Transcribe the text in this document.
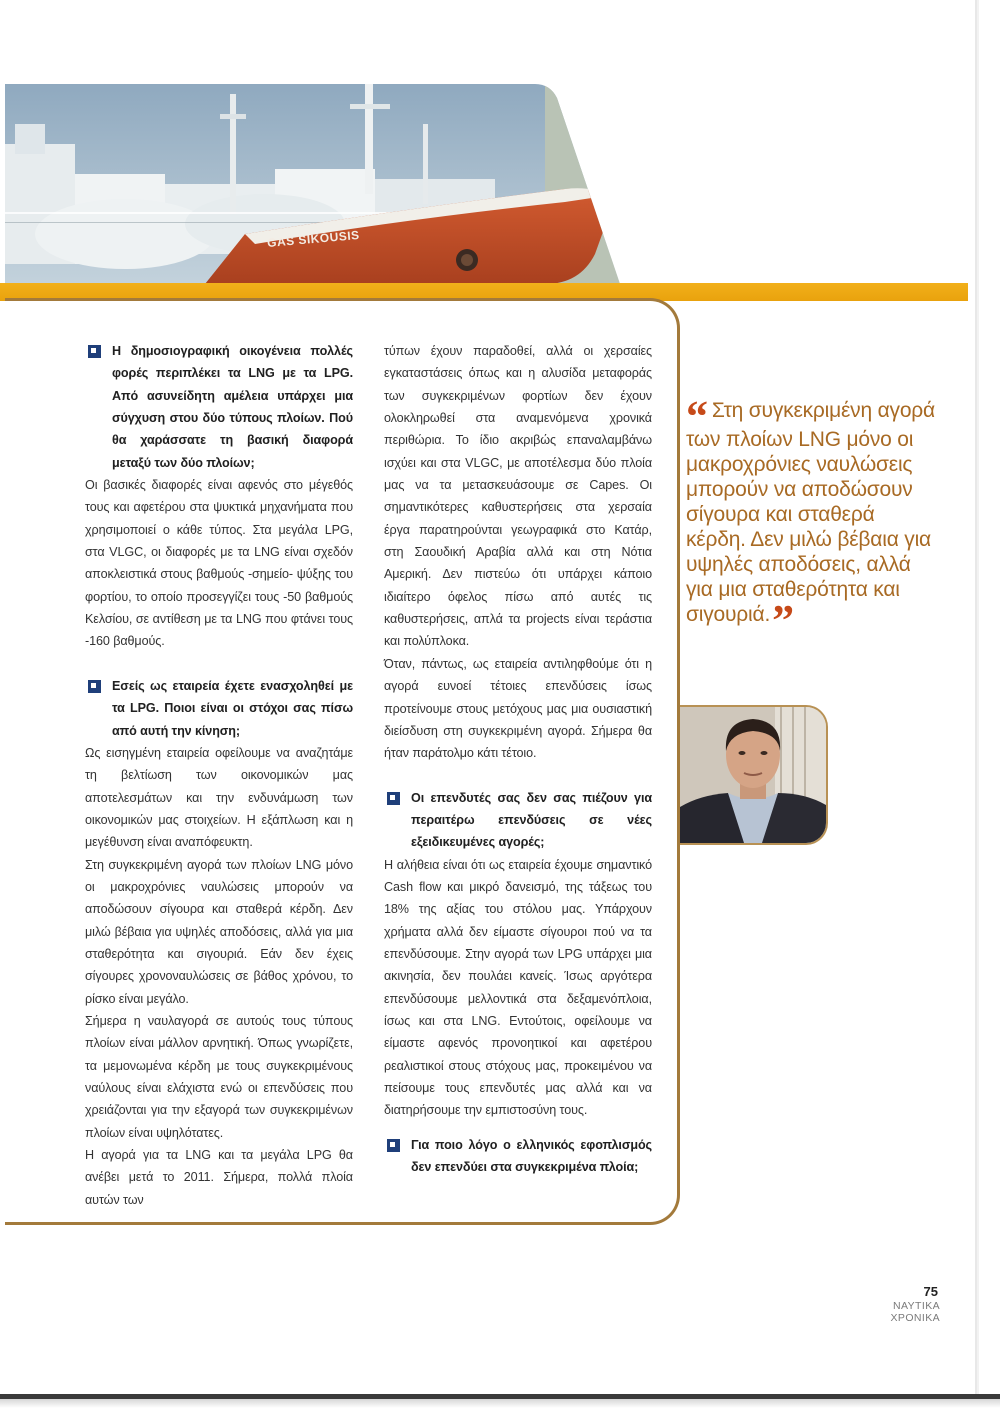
GAS SIKOUSIS

Η δημοσιογραφική οικογένεια πολλές φορές περιπλέκει τα LNG με τα LPG. Από ασυνείδητη αμέλεια υπάρχει μια σύγχυση στου δύο τύπους πλοίων. Πού θα χαράσσατε τη βασική διαφορά μεταξύ των δύο πλοίων;

Οι βασικές διαφορές είναι αφενός στο μέγεθός τους και αφετέρου στα ψυκτικά μηχανήματα που χρησιμοποιεί ο κάθε τύπος. Στα μεγάλα LPG, στα VLGC, οι διαφορές με τα LNG είναι σχεδόν αποκλειστικά στους βαθμούς -σημείο- ψύξης του φορτίου, το οποίο προσεγγίζει τους -50 βαθμούς Κελσίου, σε αντίθεση με τα LNG που φτάνει τους -160 βαθμούς.

Εσείς ως εταιρεία έχετε ενασχοληθεί με τα LPG. Ποιοι είναι οι στόχοι σας πίσω από αυτή την κίνηση;

Ως εισηγμένη εταιρεία οφείλουμε να αναζητάμε τη βελτίωση των οικονομικών μας αποτελεσμάτων και την ενδυνάμωση των οικονομικών μας στοιχείων. Η εξάπλωση και η μεγέθυνση είναι αναπόφευκτη.

Στη συγκεκριμένη αγορά των πλοίων LNG μόνο οι μακροχρόνιες ναυλώσεις μπορούν να αποδώσουν σίγουρα και σταθερά κέρδη. Δεν μιλώ βέβαια για υψηλές αποδόσεις, αλλά για μια σταθερότητα και σιγουριά. Εάν δεν έχεις σίγουρες χρονοναυλώσεις σε βάθος χρόνου, το ρίσκο είναι μεγάλο.

Σήμερα η ναυλαγορά σε αυτούς τους τύπους πλοίων είναι μάλλον αρνητική. Όπως γνωρίζετε, τα μεμονωμένα κέρδη με τους συγκεκριμένους ναύλους είναι ελάχιστα ενώ οι επενδύσεις που χρειάζονται για την εξαγορά των συγκεκριμένων πλοίων είναι υψηλότατες.

Η αγορά για τα LNG και τα μεγάλα LPG θα ανέβει μετά το 2011. Σήμερα, πολλά πλοία αυτών των

τύπων έχουν παραδοθεί, αλλά οι χερσαίες εγκαταστάσεις όπως και η αλυσίδα μεταφοράς των συγκεκριμένων φορτίων δεν έχουν ολοκληρωθεί στα αναμενόμενα χρονικά περιθώρια. Το ίδιο ακριβώς επαναλαμβάνω ισχύει και στα VLGC, με αποτέλεσμα δύο πλοία μας να τα μετασκευάσουμε σε Capes. Οι σημαντικότερες καθυστερήσεις στα χερσαία έργα παρατηρούνται γεωγραφικά στο Κατάρ, στη Σαουδική Αραβία αλλά και στη Νότια Αμερική. Δεν πιστεύω ότι υπάρχει κάποιο ιδιαίτερο όφελος πίσω από αυτές τις καθυστερήσεις, απλά τα projects είναι τεράστια και πολύπλοκα.

Όταν, πάντως, ως εταιρεία αντιληφθούμε ότι η αγορά ευνοεί τέτοιες επενδύσεις ίσως προτείνουμε στους μετόχους μας μια ουσιαστική διείσδυση στη συγκεκριμένη αγορά. Σήμερα θα ήταν παράτολμο κάτι τέτοιο.

Οι επενδυτές σας δεν σας πιέζουν για περαιτέρω επενδύσεις σε νέες εξειδικευμένες αγορές;

Η αλήθεια είναι ότι ως εταιρεία έχουμε σημαντικό Cash flow και μικρό δανεισμό, της τάξεως του 18% της αξίας του στόλου μας. Υπάρχουν χρήματα αλλά δεν είμαστε σίγουροι πού να τα επενδύσουμε. Στην αγορά των LPG υπάρχει μια ακινησία, δεν πουλάει κανείς. Ίσως αργότερα επενδύσουμε μελλοντικά στα δεξαμενόπλοια, ίσως και στα LNG. Εντούτοις, οφείλουμε να είμαστε αφενός προνοητικοί και αφετέρου ρεαλιστικοί στους στόχους μας, προκειμένου να πείσουμε τους επενδυτές μας αλλά και να διατηρήσουμε την εμπιστοσύνη τους.

Για ποιο λόγο ο ελληνικός εφοπλισμός δεν επενδύει στα συγκεκριμένα πλοία;

“ Στη συγκεκριμένη αγορά των πλοίων LNG μόνο οι μακροχρόνιες ναυλώσεις μπορούν να αποδώσουν σίγουρα και σταθερά κέρδη. Δεν μιλώ βέβαια για υψηλές αποδόσεις, αλλά για μια σταθερότητα και σιγουριά.”
75
ΝΑΥΤΙΚΑ
ΧΡΟΝΙΚΑ
